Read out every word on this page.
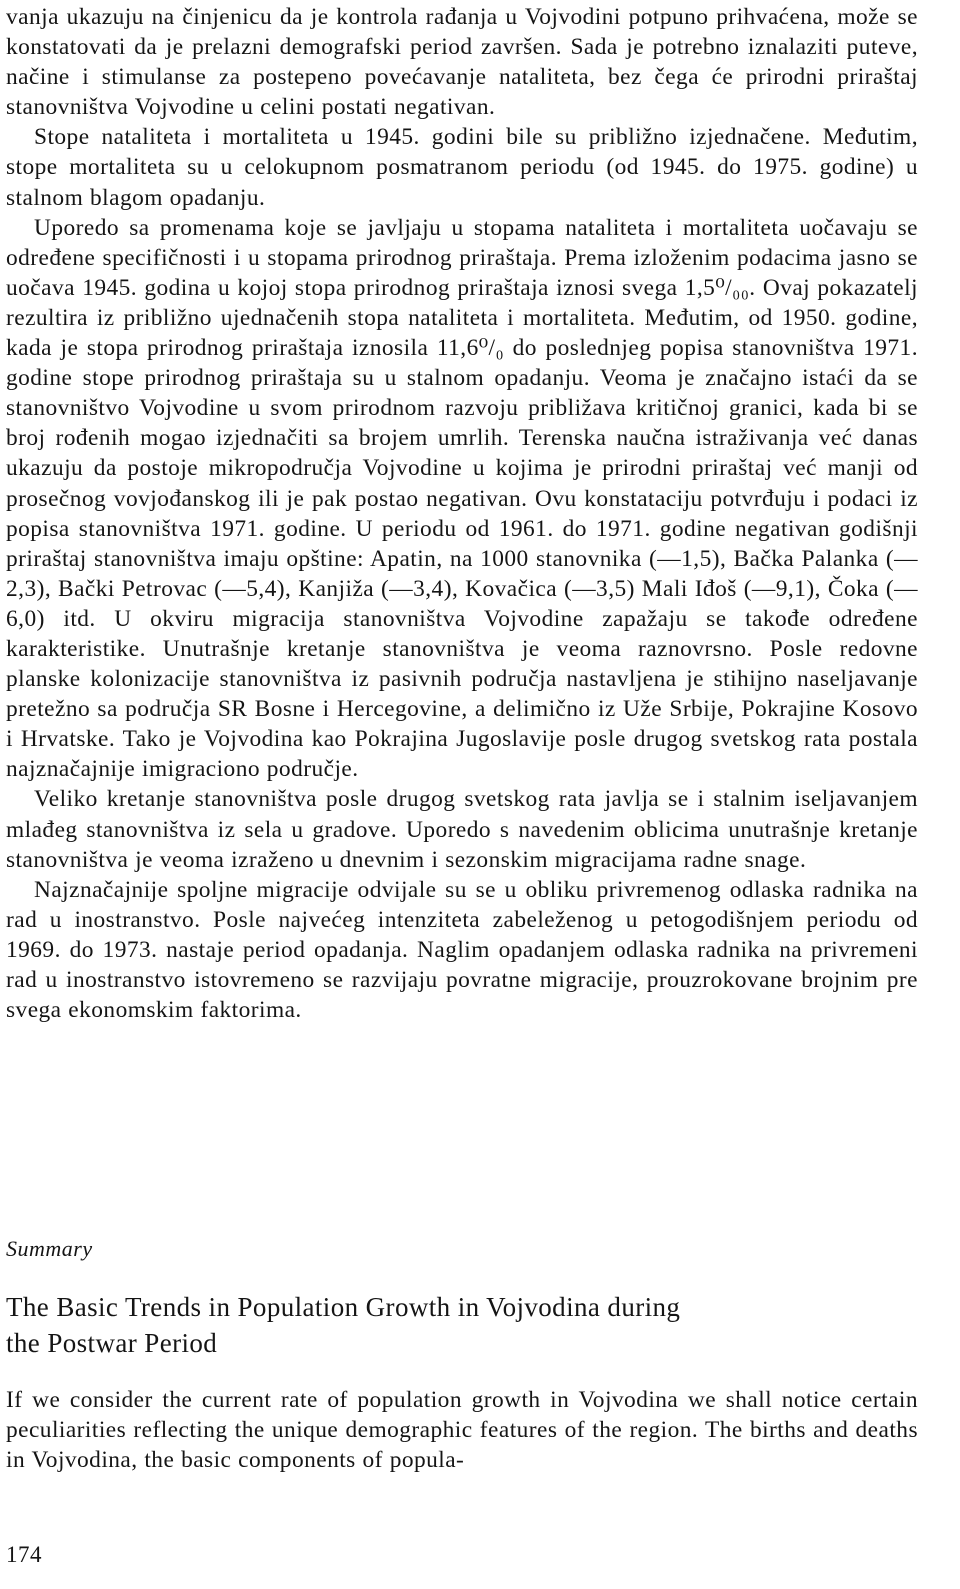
vanja ukazuju na činjenicu da je kontrola rađanja u Vojvodini potpuno prihvaćena, može se konstatovati da je prelazni demografski period završen. Sada je potrebno iznalaziti puteve, načine i stimulanse za postepeno povećavanje nataliteta, bez čega će prirodni priraštaj stanovništva Vojvodine u celini postati negativan.

Stope nataliteta i mortaliteta u 1945. godini bile su približno izjednačene. Međutim, stope mortaliteta su u celokupnom posmatranom periodu (od 1945. do 1975. godine) u stalnom blagom opadanju.

Uporedo sa promenama koje se javljaju u stopama nataliteta i mortaliteta uočavaju se određene specifičnosti i u stopama prirodnog priraštaja. Prema izloženim podacima jasno se uočava 1945. godina u kojoj stopa prirodnog priraštaja iznosi svega 1,5⁰/₀₀. Ovaj pokazatelj rezultira iz približno ujednačenih stopa nataliteta i mortaliteta. Međutim, od 1950. godine, kada je stopa prirodnog priraštaja iznosila 11,6⁰/₀ do poslednjeg popisa stanovništva 1971. godine stope prirodnog priraštaja su u stalnom opadanju. Veoma je značajno istaći da se stanovništvo Vojvodine u svom prirodnom razvoju približava kritičnoj granici, kada bi se broj rođenih mogao izjednačiti sa brojem umrlih. Terenska naučna istraživanja već danas ukazuju da postoje mikropodručja Vojvodine u kojima je prirodni priraštaj već manji od prosečnog vovjođanskog ili je pak postao negativan. Ovu konstataciju potvrđuju i podaci iz popisa stanovništva 1971. godine. U periodu od 1961. do 1971. godine negativan godišnji priraštaj stanovništva imaju opštine: Apatin, na 1000 stanovnika (—1,5), Bačka Palanka (—2,3), Bački Petrovac (—5,4), Kanjiža (—3,4), Kovačica (—3,5) Mali Iđoš (—9,1), Čoka (—6,0) itd. U okviru migracija stanovništva Vojvodine zapažaju se takođe određene karakteristike. Unutrašnje kretanje stanovništva je veoma raznovrsno. Posle redovne planske kolonizacije stanovništva iz pasivnih područja nastavljena je stihijno naseljavanje pretežno sa područja SR Bosne i Hercegovine, a delimično iz Uže Srbije, Pokrajine Kosovo i Hrvatske. Tako je Vojvodina kao Pokrajina Jugoslavije posle drugog svetskog rata postala najznačajnije imigraciono područje.

Veliko kretanje stanovništva posle drugog svetskog rata javlja se i stalnim iseljavanjem mlađeg stanovništva iz sela u gradove. Uporedo s navedenim oblicima unutrašnje kretanje stanovništva je veoma izraženo u dnevnim i sezonskim migracijama radne snage.

Najznačajnije spoljne migracije odvijale su se u obliku privremenog odlaska radnika na rad u inostranstvo. Posle najvećeg intenziteta zabeleženog u petogodišnjem periodu od 1969. do 1973. nastaje period opadanja. Naglim opadanjem odlaska radnika na privremeni rad u inostranstvo istovremeno se razvijaju povratne migracije, prouzrokovane brojnim pre svega ekonomskim faktorima.

Summary

The Basic Trends in Population Growth in Vojvodina during the Postwar Period

If we consider the current rate of population growth in Vojvodina we shall notice certain peculiarities reflecting the unique demographic features of the region. The births and deaths in Vojvodina, the basic components of popula-

174
